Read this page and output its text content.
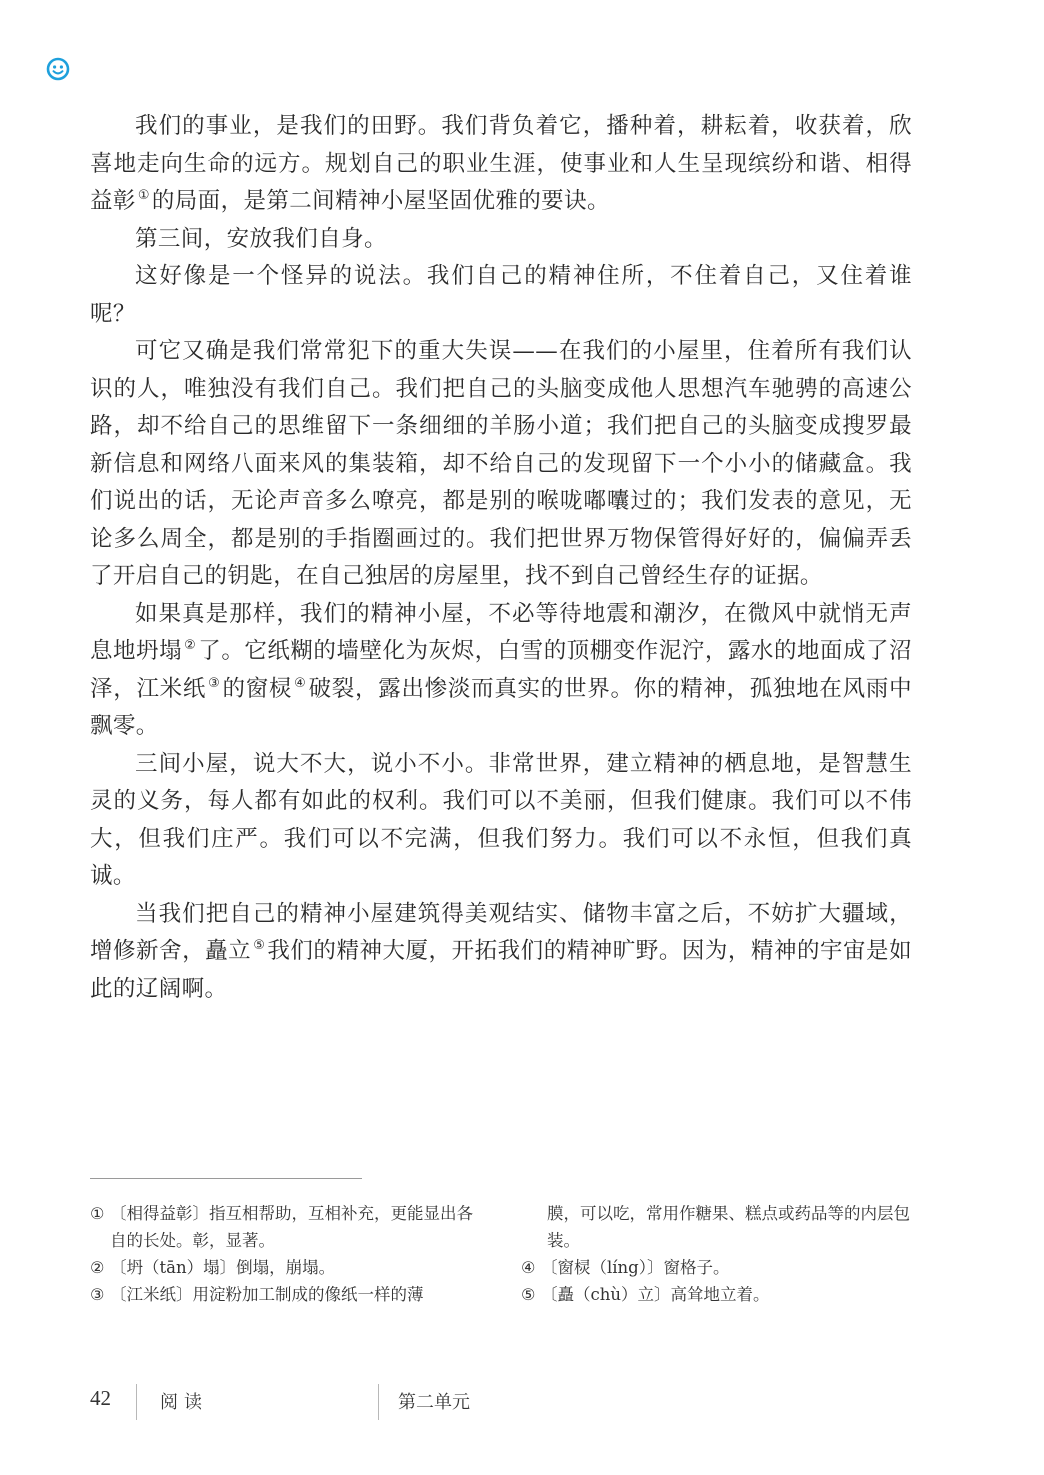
我们的事业，是我们的田野。我们背负着它，播种着，耕耘着，收获着，欣喜地走向生命的远方。规划自己的职业生涯，使事业和人生呈现缤纷和谐、相得益彰 ①的局面，是第二间精神小屋坚固优雅的要诀。

第三间，安放我们自身。

这好像是一个怪异的说法。我们自己的精神住所，不住着自己，又住着谁呢？

可它又确是我们常常犯下的重大失误——在我们的小屋里，住着所有我们认识的人，唯独没有我们自己。我们把自己的头脑变成他人思想汽车驰骋的高速公路，却不给自己的思维留下一条细细的羊肠小道；我们把自己的头脑变成搜罗最新信息和网络八面来风的集装箱，却不给自己的发现留下一个小小的储藏盒。我们说出的话，无论声音多么嘹亮，都是别的喉咙嘟囔过的；我们发表的意见，无论多么周全，都是别的手指圈画过的。我们把世界万物保管得好好的，偏偏弄丢了开启自己的钥匙，在自己独居的房屋里，找不到自己曾经生存的证据。

如果真是那样，我们的精神小屋，不必等待地震和潮汐，在微风中就悄无声息地坍塌 ②了。它纸糊的墙壁化为灰烬，白雪的顶棚变作泥泞，露水的地面成了沼泽，江米纸 ③的窗棂 ④破裂，露出惨淡而真实的世界。你的精神，孤独地在风雨中飘零。

三间小屋，说大不大，说小不小。非常世界，建立精神的栖息地，是智慧生灵的义务，每人都有如此的权利。我们可以不美丽，但我们健康。我们可以不伟大，但我们庄严。我们可以不完满，但我们努力。我们可以不永恒，但我们真诚。

当我们把自己的精神小屋建筑得美观结实、储物丰富之后，不妨扩大疆域，增修新舍，矗立 ⑤我们的精神大厦，开拓我们的精神旷野。因为，精神的宇宙是如此的辽阔啊。

① 〔相得益彰〕指互相帮助，互相补充，更能显出各自的长处。彰，显著。
② 〔坍（tān）塌〕倒塌，崩塌。
③ 〔江米纸〕用淀粉加工制成的像纸一样的薄
膜，可以吃，常用作糖果、糕点或药品等的内层包装。
④ 〔窗棂（líng）〕窗格子。
⑤ 〔矗（chù）立〕高耸地立着。
42	阅读	第二单元
